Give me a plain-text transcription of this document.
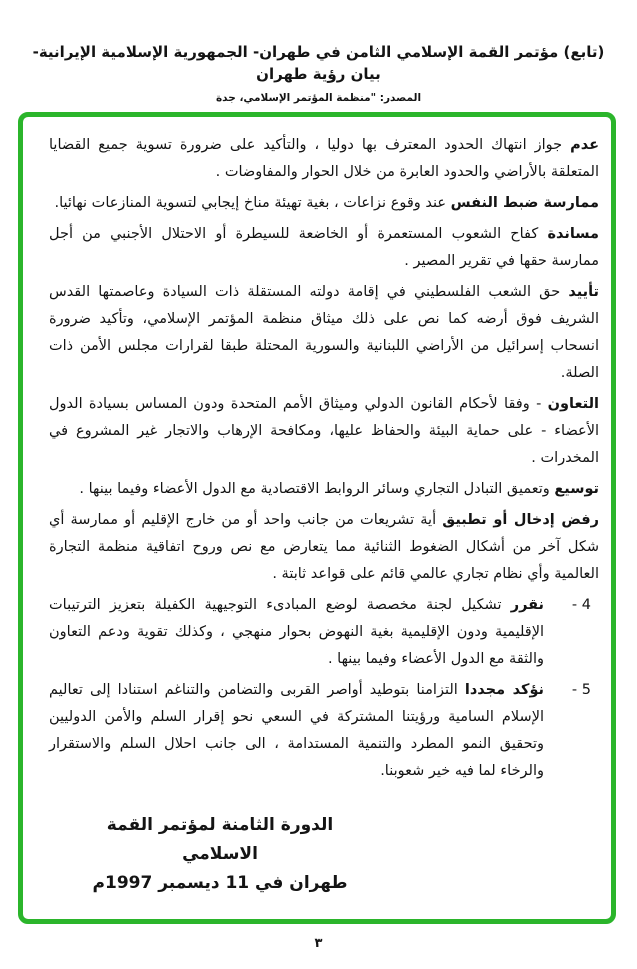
(تابع) مؤتمر القمة الإسلامي الثامن في طهران- الجمهورية الإسلامية الإيرانية- بيان رؤية طهران
المصدر: "منظمة المؤتمر الإسلامي، جدة

عدم جواز انتهاك الحدود المعترف بها دوليا ، والتأكيد على ضرورة تسوية جميع القضايا المتعلقة بالأراضي والحدود العابرة من خلال الحوار والمفاوضات .

ممارسة ضبط النفس عند وقوع نزاعات ، بغية تهيئة مناخ إيجابي لتسوية المنازعات نهائيا.

مساندة كفاح الشعوب المستعمرة أو الخاضعة للسيطرة أو الاحتلال الأجنبي من أجل ممارسة حقها في تقرير المصير .

تأييد حق الشعب الفلسطيني في إقامة دولته المستقلة ذات السيادة وعاصمتها القدس الشريف فوق أرضه كما نص على ذلك ميثاق منظمة المؤتمر الإسلامي، وتأكيد ضرورة انسحاب إسرائيل من الأراضي اللبنانية والسورية المحتلة طبقا لقرارات مجلس الأمن ذات الصلة.

التعاون - وفقا لأحكام القانون الدولي وميثاق الأمم المتحدة ودون المساس بسيادة الدول الأعضاء - على حماية البيئة والحفاظ عليها، ومكافحة الإرهاب والاتجار غير المشروع في المخدرات .

توسيع وتعميق التبادل التجاري وسائر الروابط الاقتصادية مع الدول الأعضاء وفيما بينها .

رفض إدخال أو تطبيق أية تشريعات من جانب واحد أو من خارج الإقليم أو ممارسة أي شكل آخر من أشكال الضغوط الثنائية مما يتعارض مع نص وروح اتفاقية منظمة التجارة العالمية وأي نظام تجاري عالمي قائم على قواعد ثابتة .

- 4

نقرر تشكيل لجنة مخصصة لوضع المبادىء التوجيهية الكفيلة بتعزيز الترتيبات الإقليمية ودون الإقليمية بغية النهوض بحوار منهجي ، وكذلك تقوية ودعم التعاون والثقة مع الدول الأعضاء وفيما بينها .

- 5

نؤكد مجددا التزامنا بتوطيد أواصر القربى والتضامن والتناغم استنادا إلى تعاليم الإسلام السامية ورؤيتنا المشتركة في السعي نحو إقرار السلم والأمن الدوليين وتحقيق النمو المطرد والتنمية المستدامة ، الى جانب احلال السلم والاستقرار والرخاء لما فيه خير شعوبنا.

الدورة الثامنة لمؤتمر القمة الاسلامي
طهران في 11 ديسمبر 1997م
٣
